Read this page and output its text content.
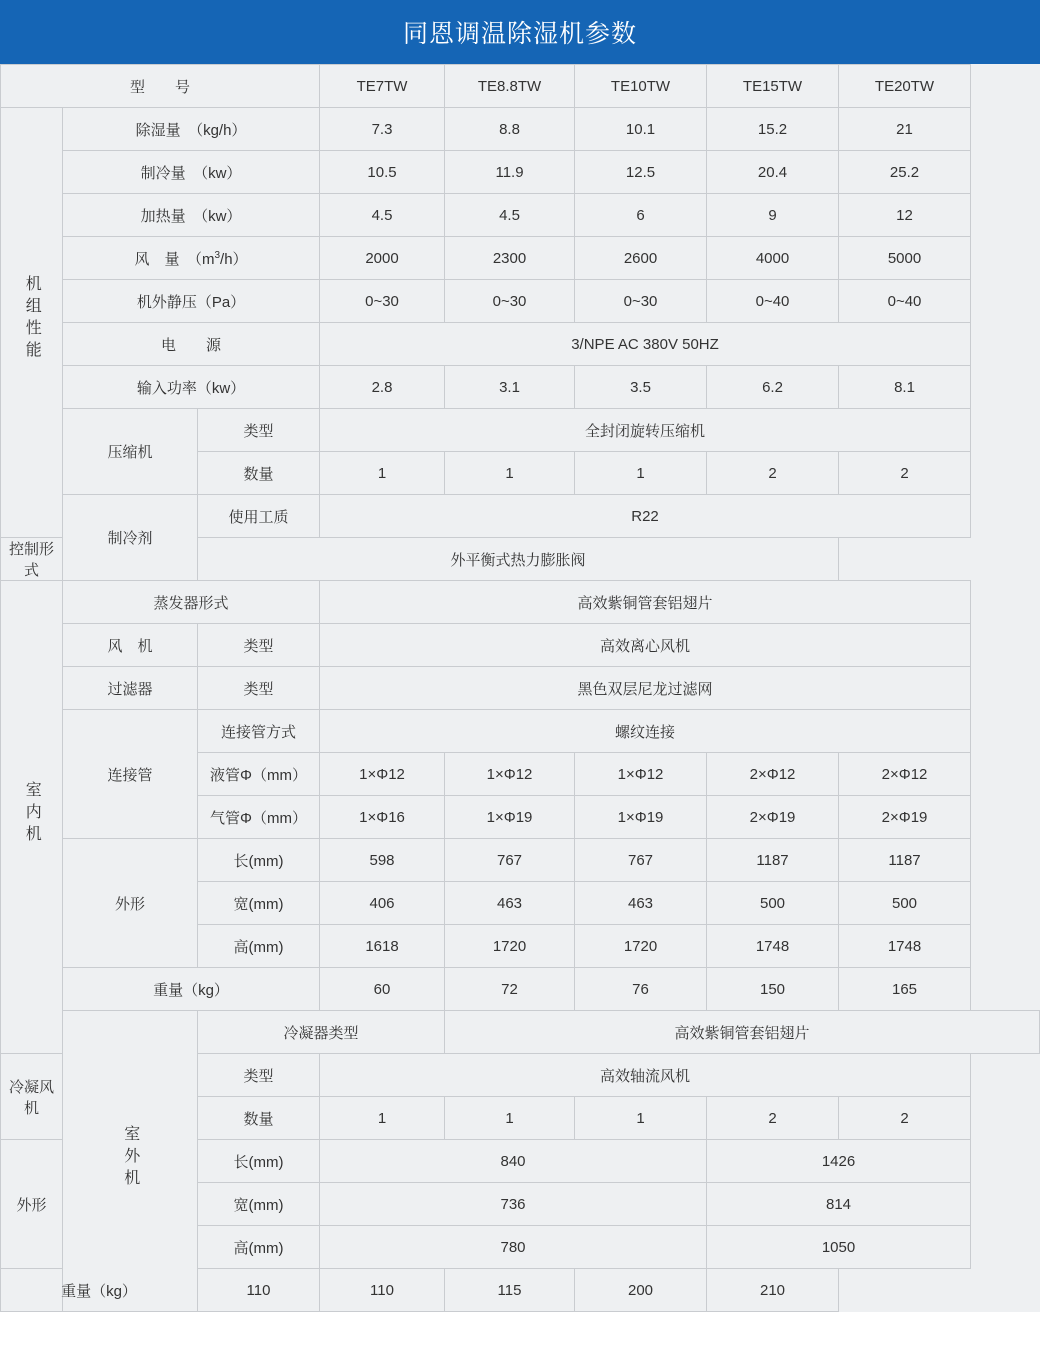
同恩调温除湿机参数
型　　号			TE7TW	TE8.8TW	TE10TW	TE15TW	TE20TW
机组性能	除湿量　（kg/h）		7.3	8.8	10.1	15.2	21
	制冷量　（kw）		10.5	11.9	12.5	20.4	25.2
	加热量　（kw）		4.5	4.5	6	9	12
	风　量　$(m^3/h)$		2000	2300	2600	4000	5000
	机外静压（Pa）		0~30	0~30	0~30	0~40	0~40
	电　　源		3/NPE AC 380V 50HZ				
	输入功率（kw）		2.8	3.1	3.5	6.2	8.1
	压缩机	类型	全封闭旋转压缩机				
		数量	1	1	1	2	2
	制冷剂	使用工质	R22				
控制形式		外平衡式热力膨胀阀					
室内机	蒸发器形式		高效紫铜管套铝翅片				
	风　机	类型	高效离心风机				
	过滤器	类型	黑色双层尼龙过滤网				
	连接管	连接管方式	螺纹连接				
		液管Φ（mm）	1×Φ12	1×Φ12	1×Φ12	2×Φ12	2×Φ12
		气管Φ（mm）	1×Φ16	1×Φ19	1×Φ19	2×Φ19	2×Φ19
	外形	长(mm)	598	767	767	1187	1187
		宽(mm)	406	463	463	500	500
		高(mm)	1618	1720	1720	1748	1748
	重量（kg）		60	72	76	150	165
	室外机	冷凝器类型		高效紫铜管套铝翅片			
冷凝风机		类型	高效轴流风机				
		数量	1	1	1	2	2
外形		长(mm)	840			1426	
		宽(mm)	736			814	
		高(mm)	780			1050	
重量（kg）		110	110	115	200	210	
